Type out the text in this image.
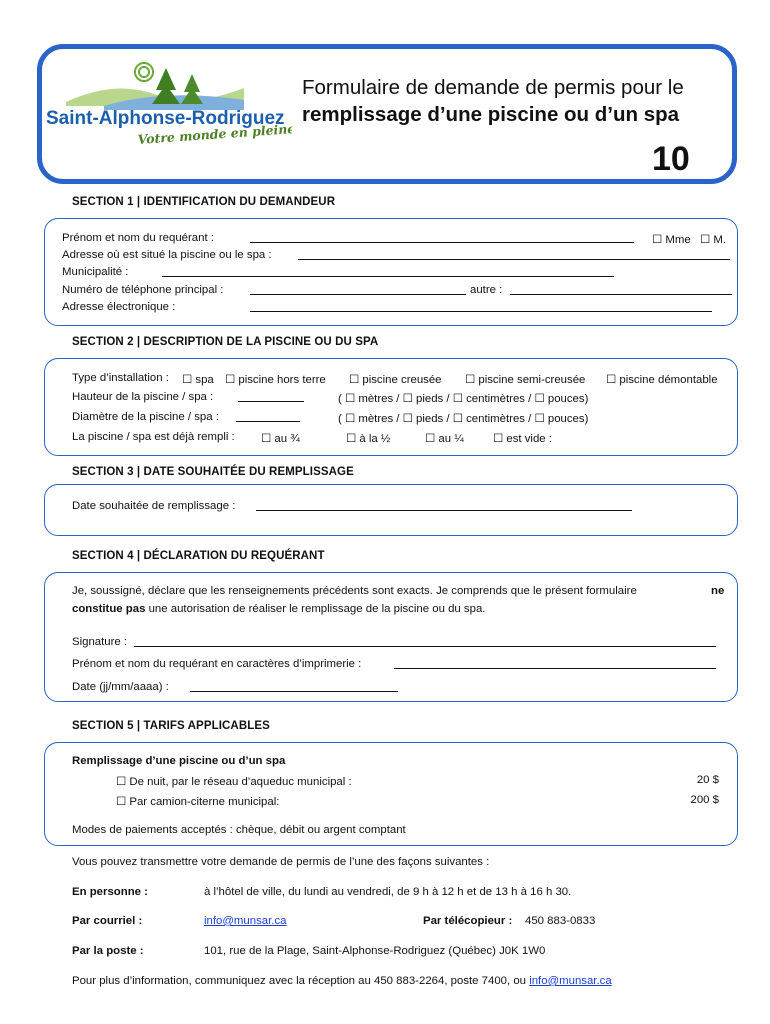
Saint-Alphonse-Rodriguez
Votre monde en pleine
Formulaire de demande de permis pour le
remplissage d’une piscine ou d’un spa
10
SECTION 1 | IDENTIFICATION DU DEMANDEUR
Prénom et nom du requérant :	☐ Mme ☐ M.
Adresse où est situé la piscine ou le spa :
Municipalité :
Numéro de téléphone principal :	autre :
Adresse électronique :
SECTION 2 | DESCRIPTION DE LA PISCINE OU DU SPA
Type d’installation : ☐ spa ☐ piscine hors terre ☐ piscine creusée ☐ piscine semi-creusée ☐ piscine démontable
Hauteur de la piscine / spa :	( ☐ mètres / ☐ pieds / ☐ centimètres / ☐ pouces)
Diamètre de la piscine / spa :	( ☐ mètres / ☐ pieds / ☐ centimètres / ☐ pouces)
La piscine / spa est déjà rempli : ☐ au ¾	☐ à la ½	☐ au ¼	☐ est vide :
SECTION 3 | DATE SOUHAITÉE DU REMPLISSAGE
Date souhaitée de remplissage :
SECTION 4 | DÉCLARATION DU REQUÉRANT
Je, soussigné, déclare que les renseignements précédents sont exacts. Je comprends que le présent formulaire	ne
constitue pas une autorisation de réaliser le remplissage de la piscine ou du spa.
Signature :
Prénom et nom du requérant en caractères d’imprimerie :
Date (jj/mm/aaaa) :
SECTION 5 | TARIFS APPLICABLES
Remplissage d’une piscine ou d’un spa
☐ De nuit, par le réseau d’aqueduc municipal :	20 $
☐ Par camion-citerne municipal:	200 $
Modes de paiements acceptés : chèque, débit ou argent comptant
Vous pouvez transmettre votre demande de permis de l’une des façons suivantes :
En personne :	à l’hôtel de ville, du lundi au vendredi, de 9 h à 12 h et de 13 h à 16 h 30.
Par courriel :	info@munsar.ca	Par télécopieur : 450 883-0833
Par la poste :	101, rue de la Plage, Saint-Alphonse-Rodriguez (Québec) J0K 1W0
Pour plus d’information, communiquez avec la réception au 450 883-2264, poste 7400, ou info@munsar.ca
